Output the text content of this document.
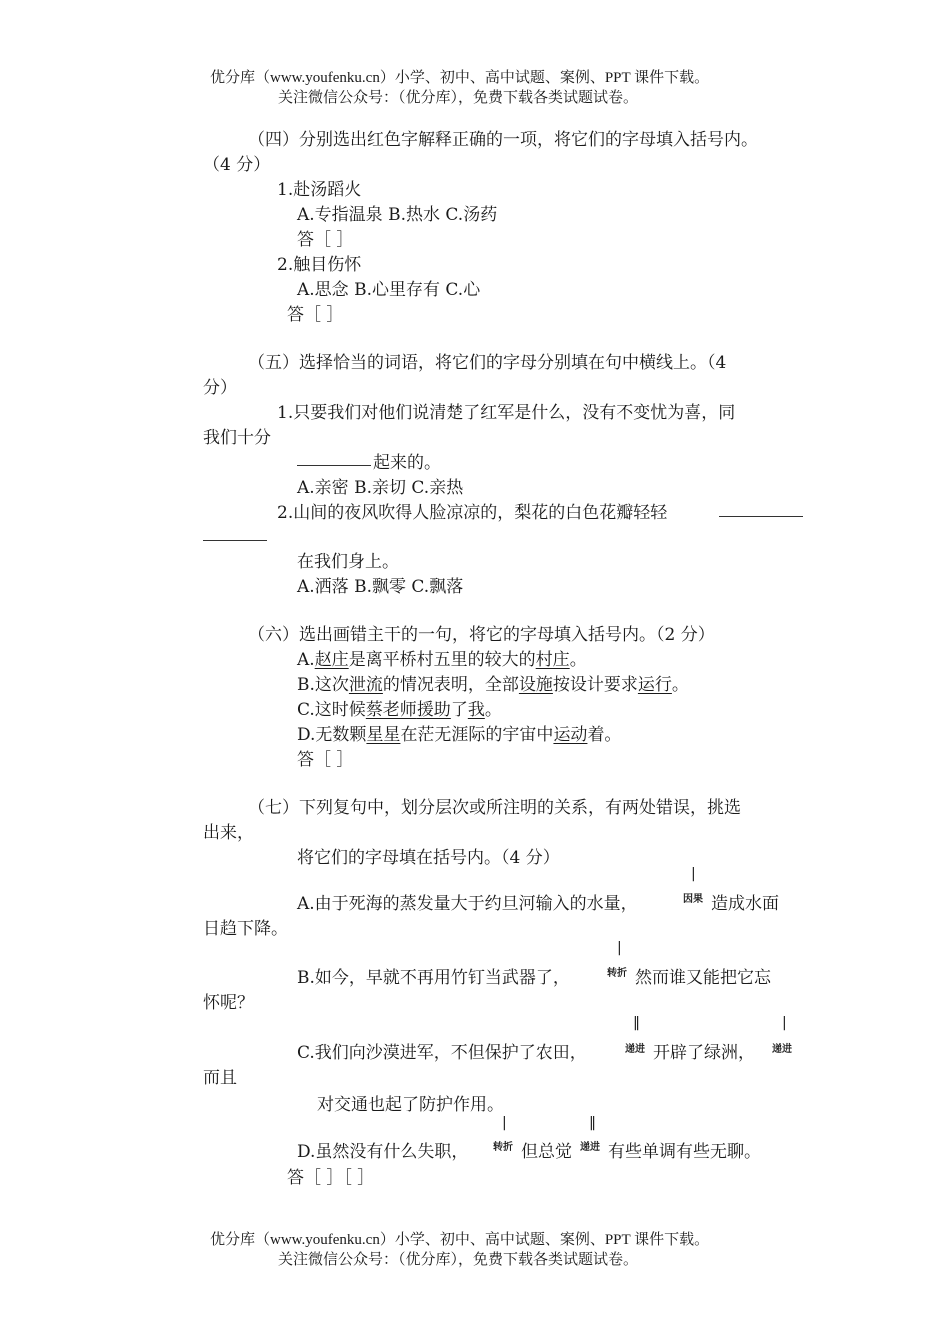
优分库（www.youfenku.cn）小学、初中、高中试题、案例、PPT 课件下载。
关注微信公众号：（优分库），免费下载各类试题试卷。
（四）分别选出红色字解释正确的一项，将它们的字母填入括号内。
（4 分）
1.赴汤蹈火
A.专指温泉 B.热水 C.汤药
答［ ］
2.触目伤怀
A.思念 B.心里存有 C.心
答［ ］
（五）选择恰当的词语，将它们的字母分别填在句中横线上。（4
分）
1.只要我们对他们说清楚了红军是什么，没有不变忧为喜，同
我们十分
起来的。
A.亲密 B.亲切 C.亲热
2.山间的夜风吹得人脸凉凉的，梨花的白色花瓣轻轻
在我们身上。
A.洒落 B.飘零 C.飘落
（六）选出画错主干的一句，将它的字母填入括号内。（2 分）
A.赵庄是离平桥村五里的较大的村庄。
B.这次泄流的情况表明，全部设施按设计要求运行。
C.这时候蔡老师援助了我。
D.无数颗星星在茫无涯际的宇宙中运动着。
答［ ］
（七）下列复句中，划分层次或所注明的关系，有两处错误，挑选
出来，
将它们的字母填在括号内。（4 分）
|
A.由于死海的蒸发量大于约旦河输入的水量，	因果 造成水面
日趋下降。
|
B.如今，早就不再用竹钉当武器了，	转折 然而谁又能把它忘
怀呢？
‖	|
C.我们向沙漠进军，不但保护了农田，	递进 开辟了绿洲， 递进
而且
对交通也起了防护作用。
|	‖
D.虽然没有什么失职， 转折 但总觉 递进 有些单调有些无聊。
答［ ］［ ］
优分库（www.youfenku.cn）小学、初中、高中试题、案例、PPT 课件下载。
关注微信公众号：（优分库），免费下载各类试题试卷。
